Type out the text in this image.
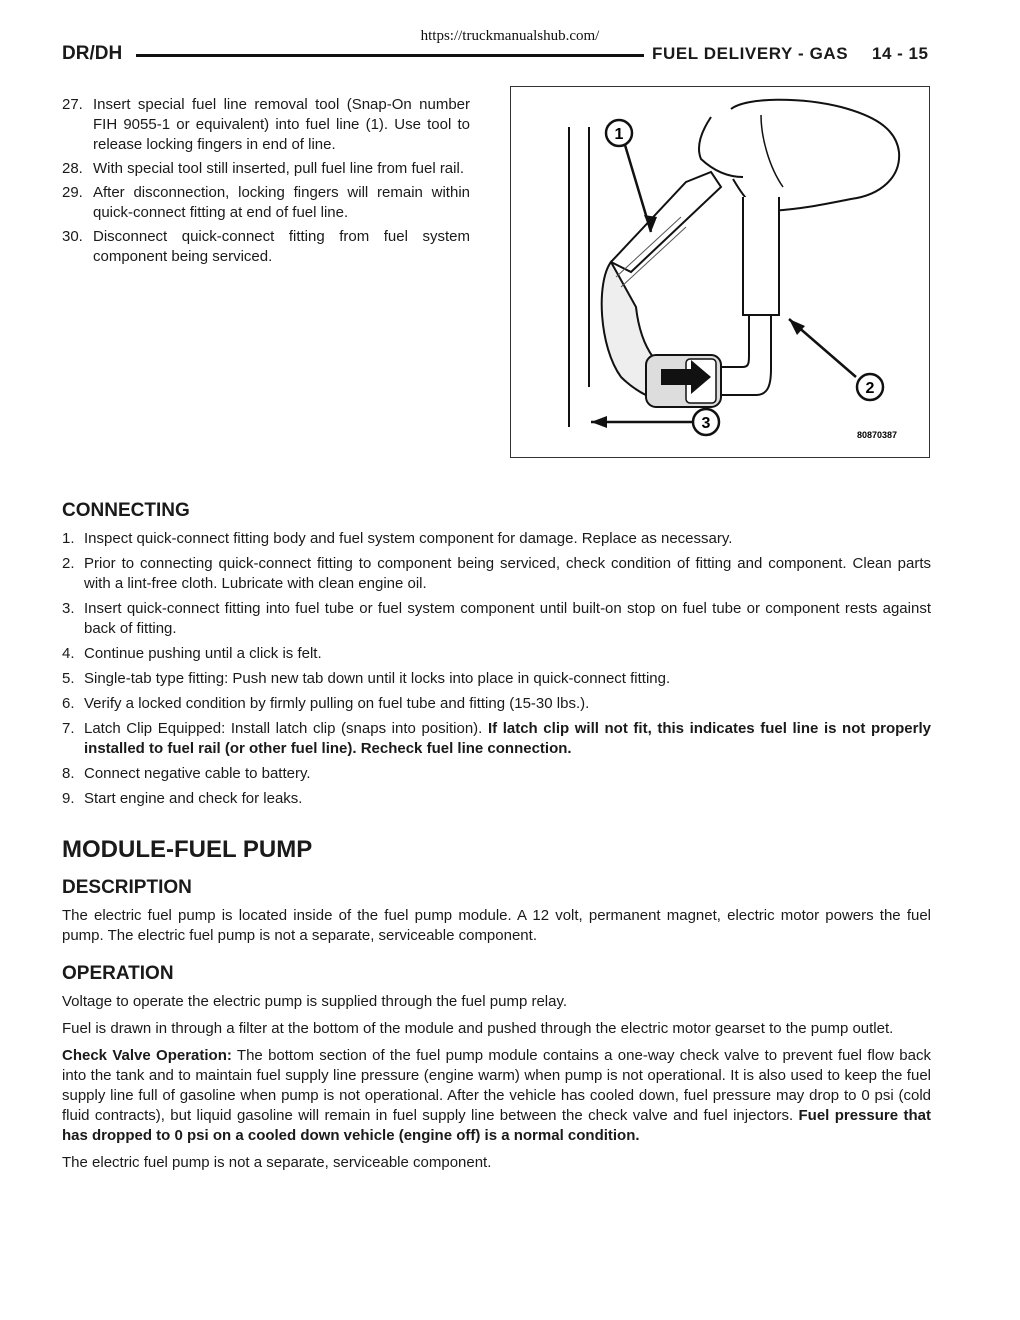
https://truckmanualshub.com/
DR/DH	FUEL DELIVERY - GAS 14 - 15
27. Insert special fuel line removal tool (Snap-On number FIH 9055-1 or equivalent) into fuel line (1). Use tool to release locking fingers in end of line.
28. With special tool still inserted, pull fuel line from fuel rail.
29. After disconnection, locking fingers will remain within quick-connect fitting at end of fuel line.
30. Disconnect quick-connect fitting from fuel system component being serviced.
1
2
3
80870387
CONNECTING
1. Inspect quick-connect fitting body and fuel system component for damage. Replace as necessary.
2. Prior to connecting quick-connect fitting to component being serviced, check condition of fitting and component. Clean parts with a lint-free cloth. Lubricate with clean engine oil.
3. Insert quick-connect fitting into fuel tube or fuel system component until built-on stop on fuel tube or component rests against back of fitting.
4. Continue pushing until a click is felt.
5. Single-tab type fitting: Push new tab down until it locks into place in quick-connect fitting.
6. Verify a locked condition by firmly pulling on fuel tube and fitting (15-30 lbs.).
7. Latch Clip Equipped: Install latch clip (snaps into position). If latch clip will not fit, this indicates fuel line is not properly installed to fuel rail (or other fuel line). Recheck fuel line connection.
8. Connect negative cable to battery.
9. Start engine and check for leaks.
MODULE-FUEL PUMP
DESCRIPTION

The electric fuel pump is located inside of the fuel pump module. A 12 volt, permanent magnet, electric motor powers the fuel pump. The electric fuel pump is not a separate, serviceable component.

OPERATION

Voltage to operate the electric pump is supplied through the fuel pump relay.

Fuel is drawn in through a filter at the bottom of the module and pushed through the electric motor gearset to the pump outlet.

Check Valve Operation: The bottom section of the fuel pump module contains a one-way check valve to prevent fuel flow back into the tank and to maintain fuel supply line pressure (engine warm) when pump is not operational. It is also used to keep the fuel supply line full of gasoline when pump is not operational. After the vehicle has cooled down, fuel pressure may drop to 0 psi (cold fluid contracts), but liquid gasoline will remain in fuel supply line between the check valve and fuel injectors. Fuel pressure that has dropped to 0 psi on a cooled down vehicle (engine off) is a normal condition.

The electric fuel pump is not a separate, serviceable component.
